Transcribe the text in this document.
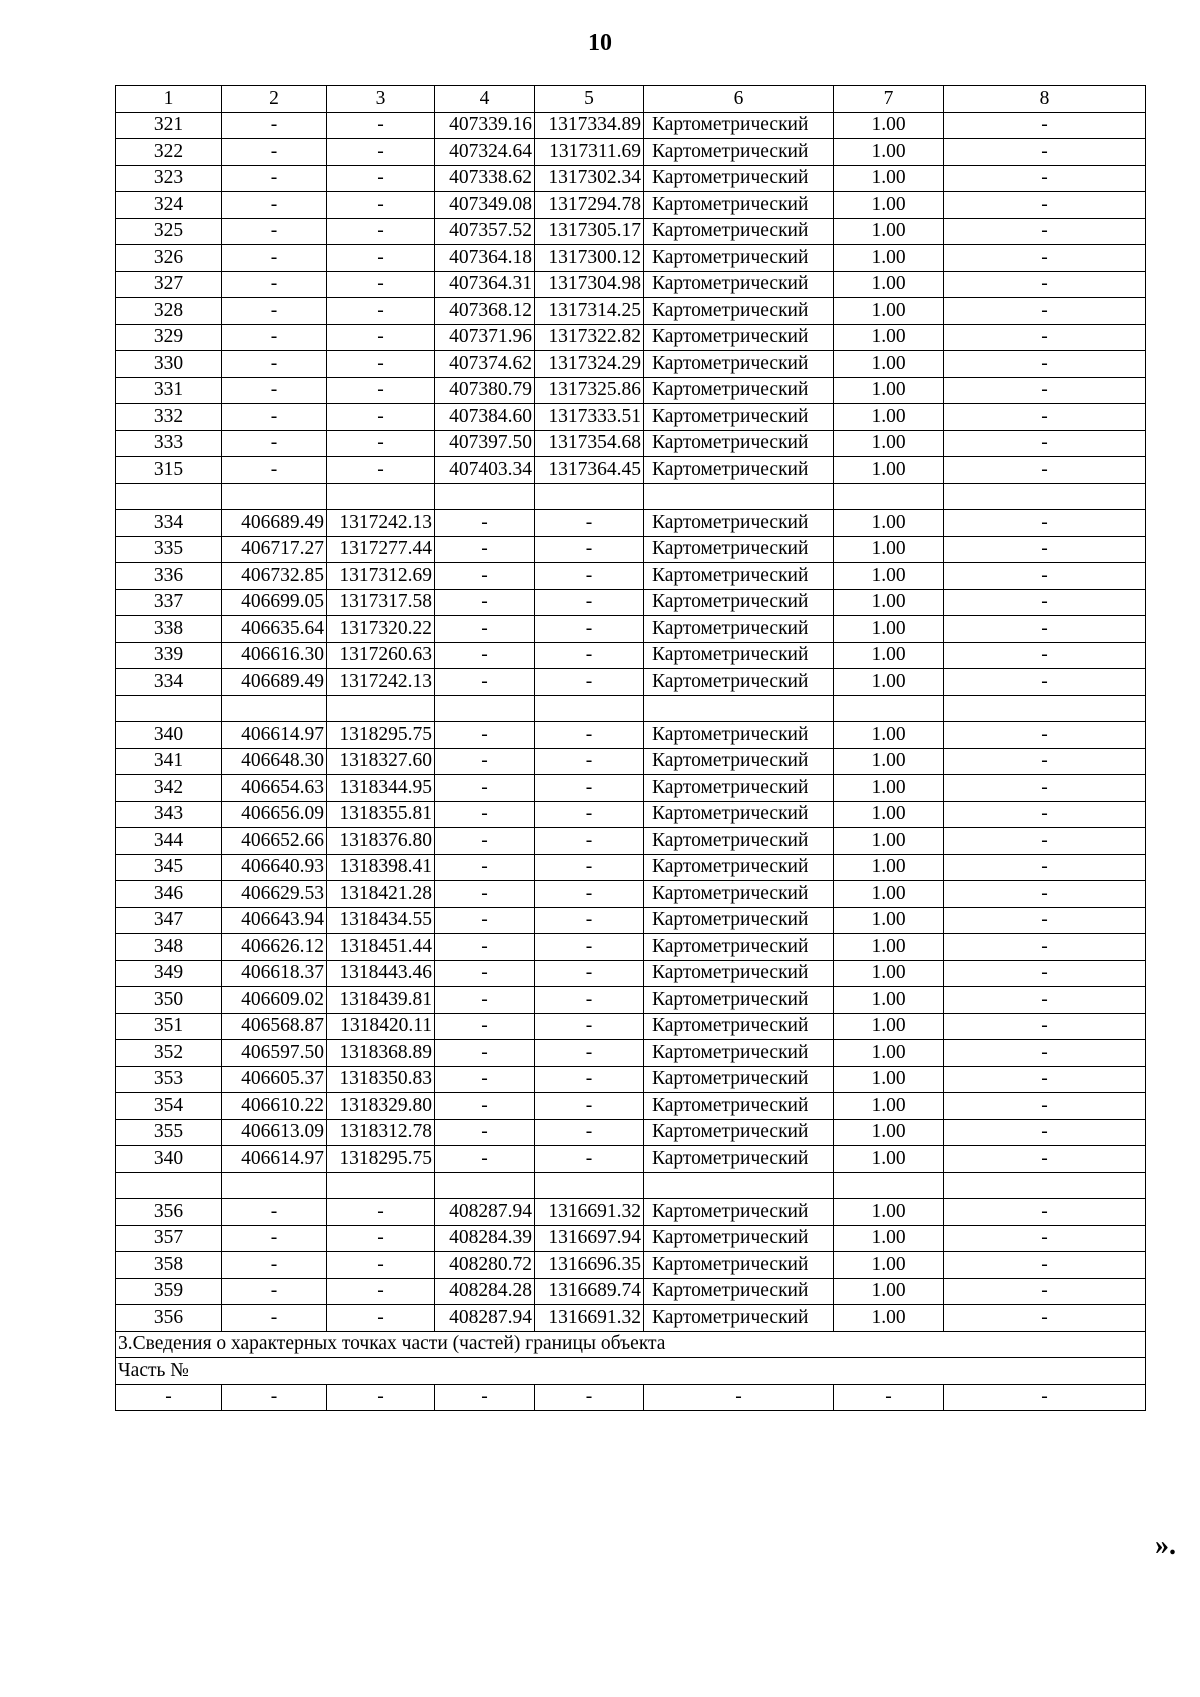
10
1	2	3	4	5	6	7	8
321	-	-	407339.16	1317334.89	Картометрический	1.00	-
322	-	-	407324.64	1317311.69	Картометрический	1.00	-
323	-	-	407338.62	1317302.34	Картометрический	1.00	-
324	-	-	407349.08	1317294.78	Картометрический	1.00	-
325	-	-	407357.52	1317305.17	Картометрический	1.00	-
326	-	-	407364.18	1317300.12	Картометрический	1.00	-
327	-	-	407364.31	1317304.98	Картометрический	1.00	-
328	-	-	407368.12	1317314.25	Картометрический	1.00	-
329	-	-	407371.96	1317322.82	Картометрический	1.00	-
330	-	-	407374.62	1317324.29	Картометрический	1.00	-
331	-	-	407380.79	1317325.86	Картометрический	1.00	-
332	-	-	407384.60	1317333.51	Картометрический	1.00	-
333	-	-	407397.50	1317354.68	Картометрический	1.00	-
315	-	-	407403.34	1317364.45	Картометрический	1.00	-

334	406689.49	1317242.13	-	-	Картометрический	1.00	-
335	406717.27	1317277.44	-	-	Картометрический	1.00	-
336	406732.85	1317312.69	-	-	Картометрический	1.00	-
337	406699.05	1317317.58	-	-	Картометрический	1.00	-
338	406635.64	1317320.22	-	-	Картометрический	1.00	-
339	406616.30	1317260.63	-	-	Картометрический	1.00	-
334	406689.49	1317242.13	-	-	Картометрический	1.00	-

340	406614.97	1318295.75	-	-	Картометрический	1.00	-
341	406648.30	1318327.60	-	-	Картометрический	1.00	-
342	406654.63	1318344.95	-	-	Картометрический	1.00	-
343	406656.09	1318355.81	-	-	Картометрический	1.00	-
344	406652.66	1318376.80	-	-	Картометрический	1.00	-
345	406640.93	1318398.41	-	-	Картометрический	1.00	-
346	406629.53	1318421.28	-	-	Картометрический	1.00	-
347	406643.94	1318434.55	-	-	Картометрический	1.00	-
348	406626.12	1318451.44	-	-	Картометрический	1.00	-
349	406618.37	1318443.46	-	-	Картометрический	1.00	-
350	406609.02	1318439.81	-	-	Картометрический	1.00	-
351	406568.87	1318420.11	-	-	Картометрический	1.00	-
352	406597.50	1318368.89	-	-	Картометрический	1.00	-
353	406605.37	1318350.83	-	-	Картометрический	1.00	-
354	406610.22	1318329.80	-	-	Картометрический	1.00	-
355	406613.09	1318312.78	-	-	Картометрический	1.00	-
340	406614.97	1318295.75	-	-	Картометрический	1.00	-

356	-	-	408287.94	1316691.32	Картометрический	1.00	-
357	-	-	408284.39	1316697.94	Картометрический	1.00	-
358	-	-	408280.72	1316696.35	Картометрический	1.00	-
359	-	-	408284.28	1316689.74	Картометрический	1.00	-
356	-	-	408287.94	1316691.32	Картометрический	1.00	-
3.Сведения о характерных точках части (частей) границы объекта							
Часть №							
-	-	-	-	-	-	-	-
».
